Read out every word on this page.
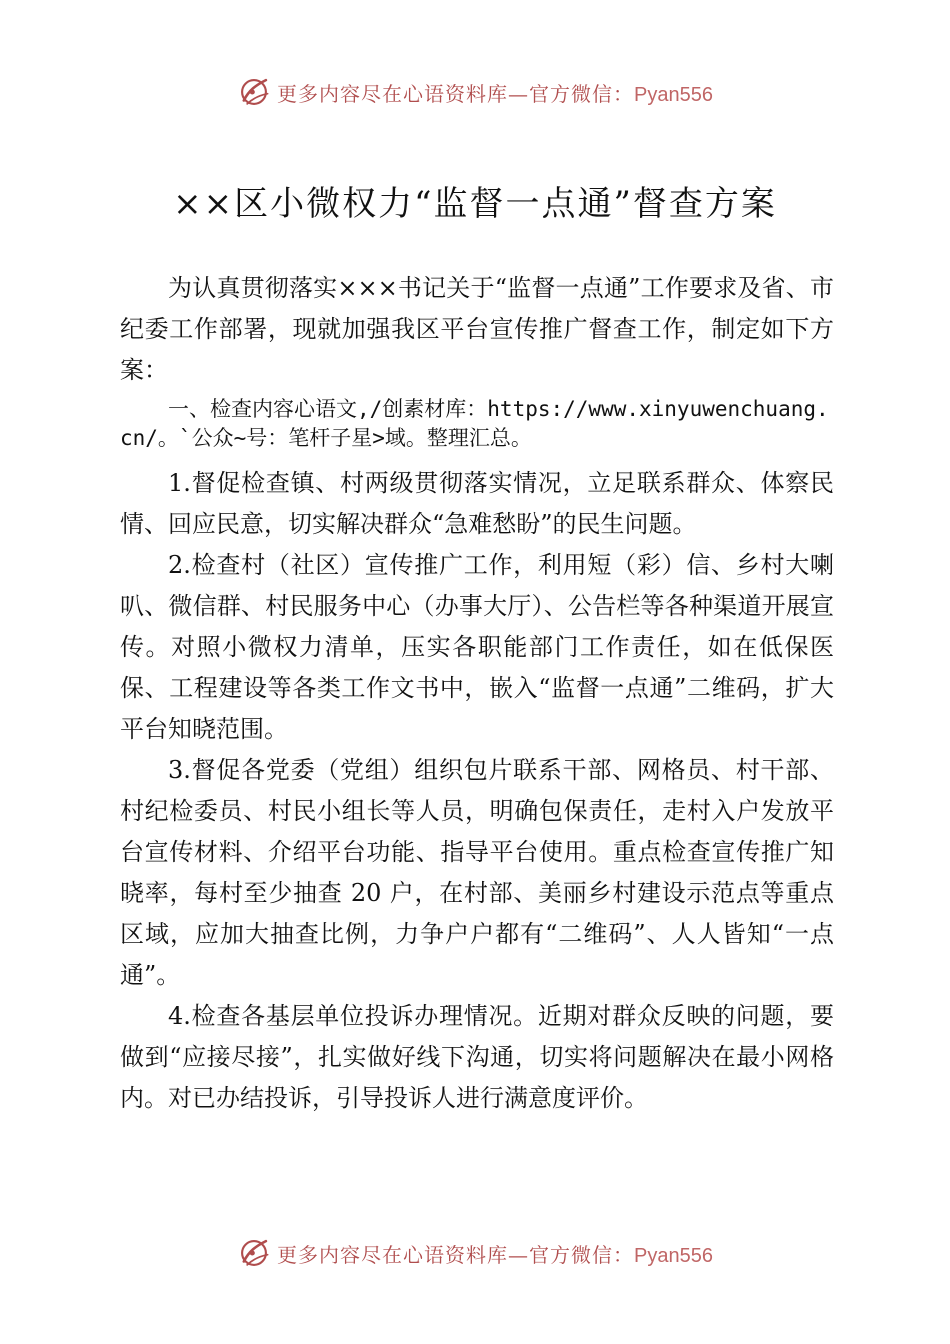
更多内容尽在心语资料库—官方微信：Pyan556
××区小微权力“监督一点通”督查方案

为认真贯彻落实×××书记关于“监督一点通”工作要求及省、市纪委工作部署，现就加强我区平台宣传推广督查工作，制定如下方案：

一、检查内容心语文,/创素材库：https://www.xinyuwenchuang.cn/。`公众~号：笔杆子星>域。整理汇总。

1.督促检查镇、村两级贯彻落实情况，立足联系群众、体察民情、回应民意，切实解决群众“急难愁盼”的民生问题。

2.检查村（社区）宣传推广工作，利用短（彩）信、乡村大喇叭、微信群、村民服务中心（办事大厅）、公告栏等各种渠道开展宣传。对照小微权力清单，压实各职能部门工作责任，如在低保医保、工程建设等各类工作文书中，嵌入“监督一点通”二维码，扩大平台知晓范围。

3.督促各党委（党组）组织包片联系干部、网格员、村干部、村纪检委员、村民小组长等人员，明确包保责任，走村入户发放平台宣传材料、介绍平台功能、指导平台使用。重点检查宣传推广知晓率，每村至少抽查 20 户，在村部、美丽乡村建设示范点等重点区域，应加大抽查比例，力争户户都有“二维码”、人人皆知“一点通”。

4.检查各基层单位投诉办理情况。近期对群众反映的问题，要做到“应接尽接”，扎实做好线下沟通，切实将问题解决在最小网格内。对已办结投诉，引导投诉人进行满意度评价。

更多内容尽在心语资料库—官方微信：Pyan556
